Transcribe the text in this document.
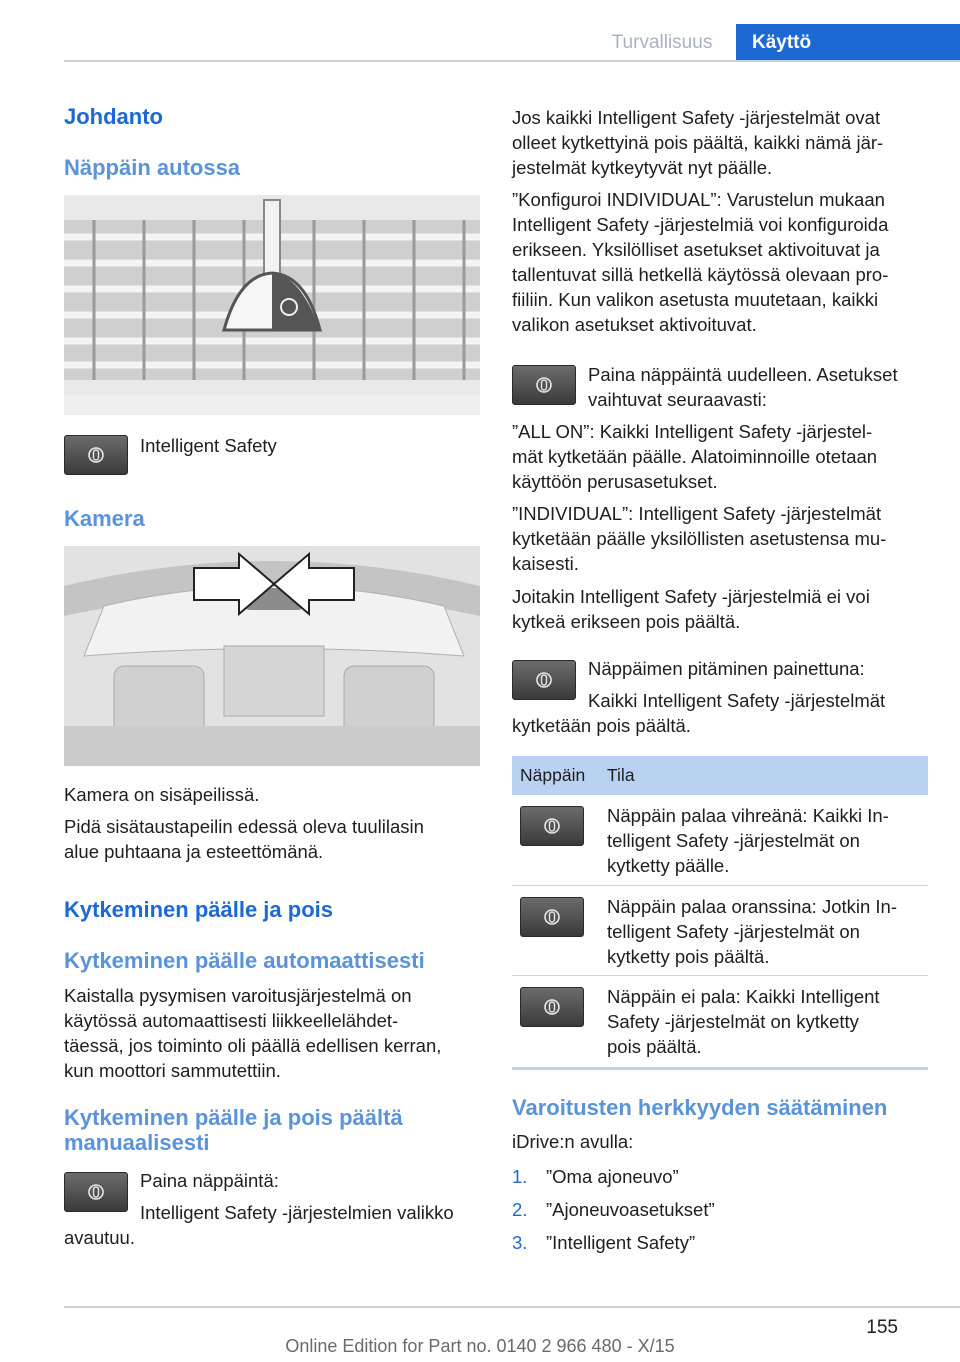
Turvallisuus	Käyttö
Johdanto
Näppäin autossa
Intelligent Safety
Kamera
Kamera on sisäpeilissä.
Pidä sisätaustapeilin edessä oleva tuulilasin
alue puhtaana ja esteettömänä.
Kytkeminen päälle ja pois
Kytkeminen päälle automaattisesti
Kaistalla pysymisen varoitusjärjestelmä on
käytössä automaattisesti liikkeellelähdet‐
täessä, jos toiminto oli päällä edellisen kerran,
kun moottori sammutettiin.
Kytkeminen päälle ja pois päältä
manuaalisesti
Paina näppäintä:
Intelligent Safety -järjestelmien valikko
avautuu.
Jos kaikki Intelligent Safety -järjestelmät ovat
olleet kytkettyinä pois päältä, kaikki nämä jär‐
jestelmät kytkeytyvät nyt päälle.
”Konfiguroi INDIVIDUAL”: Varustelun mukaan
Intelligent Safety -järjestelmiä voi konfiguroida
erikseen. Yksilölliset asetukset aktivoituvat ja
tallentuvat sillä hetkellä käytössä olevaan pro‐
fiiliin. Kun valikon asetusta muutetaan, kaikki
valikon asetukset aktivoituvat.
Paina näppäintä uudelleen. Asetukset
vaihtuvat seuraavasti:
”ALL ON”: Kaikki Intelligent Safety -järjestel‐
mät kytketään päälle. Alatoiminnoille otetaan
käyttöön perusasetukset.
”INDIVIDUAL”: Intelligent Safety -järjestelmät
kytketään päälle yksilöllisten asetustensa mu‐
kaisesti.
Joitakin Intelligent Safety -järjestelmiä ei voi
kytkeä erikseen pois päältä.
Näppäimen pitäminen painettuna:
Kaikki Intelligent Safety -järjestelmät
kytketään pois päältä.
Näppäin Tila
Näppäin palaa vihreänä: Kaikki In‐
telligent Safety -järjestelmät on
kytketty päälle.
Näppäin palaa oranssina: Jotkin In‐
telligent Safety -järjestelmät on
kytketty pois päältä.
Näppäin ei pala: Kaikki Intelligent
Safety -järjestelmät on kytketty
pois päältä.
Varoitusten herkkyyden säätäminen
iDrive:n avulla:
1. ”Oma ajoneuvo”
2. ”Ajoneuvoasetukset”
3. ”Intelligent Safety”
155
Online Edition for Part no. 0140 2 966 480 - X/15
